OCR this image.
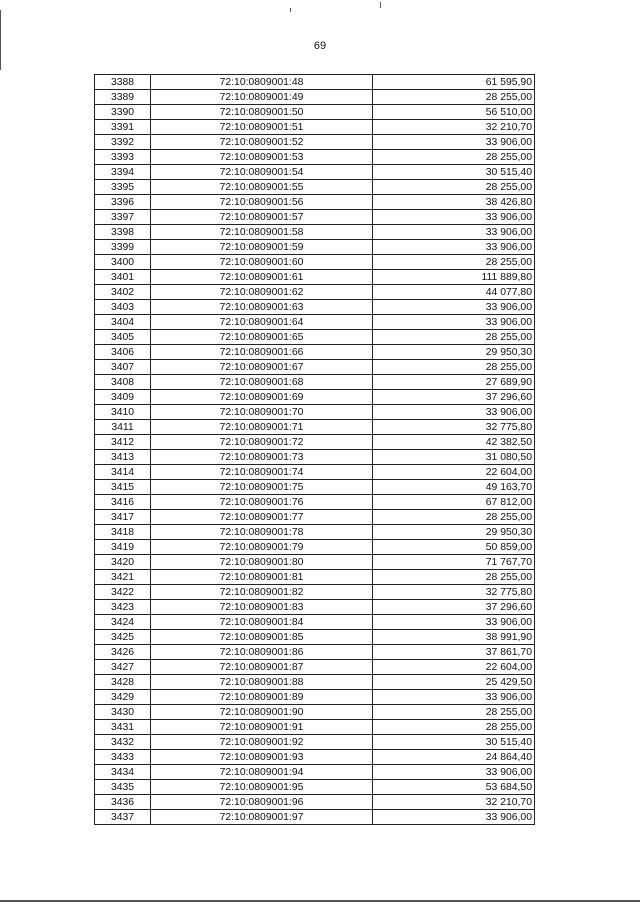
69
3388	72:10:0809001:48	61 595,90
3389	72:10:0809001:49	28 255,00
3390	72:10:0809001:50	56 510,00
3391	72:10:0809001:51	32 210,70
3392	72:10:0809001:52	33 906,00
3393	72:10:0809001:53	28 255,00
3394	72:10:0809001:54	30 515,40
3395	72:10:0809001:55	28 255,00
3396	72:10:0809001:56	38 426,80
3397	72:10:0809001:57	33 906,00
3398	72:10:0809001:58	33 906,00
3399	72:10:0809001:59	33 906,00
3400	72:10:0809001:60	28 255,00
3401	72:10:0809001:61	111 889,80
3402	72:10:0809001:62	44 077,80
3403	72:10:0809001:63	33 906,00
3404	72:10:0809001:64	33 906,00
3405	72:10:0809001:65	28 255,00
3406	72:10:0809001:66	29 950,30
3407	72:10:0809001:67	28 255,00
3408	72:10:0809001:68	27 689,90
3409	72:10:0809001:69	37 296,60
3410	72:10:0809001:70	33 906,00
3411	72:10:0809001:71	32 775,80
3412	72:10:0809001:72	42 382,50
3413	72:10:0809001:73	31 080,50
3414	72:10:0809001:74	22 604,00
3415	72:10:0809001:75	49 163,70
3416	72:10:0809001:76	67 812,00
3417	72:10:0809001:77	28 255,00
3418	72:10:0809001:78	29 950,30
3419	72:10:0809001:79	50 859,00
3420	72:10:0809001:80	71 767,70
3421	72:10:0809001:81	28 255,00
3422	72:10:0809001:82	32 775,80
3423	72:10:0809001:83	37 296,60
3424	72:10:0809001:84	33 906,00
3425	72:10:0809001:85	38 991,90
3426	72:10:0809001:86	37 861,70
3427	72:10:0809001:87	22 604,00
3428	72:10:0809001:88	25 429,50
3429	72:10:0809001:89	33 906,00
3430	72:10:0809001:90	28 255,00
3431	72:10:0809001:91	28 255,00
3432	72:10:0809001:92	30 515,40
3433	72:10:0809001:93	24 864,40
3434	72:10:0809001:94	33 906,00
3435	72:10:0809001:95	53 684,50
3436	72:10:0809001:96	32 210,70
3437	72:10:0809001:97	33 906,00
